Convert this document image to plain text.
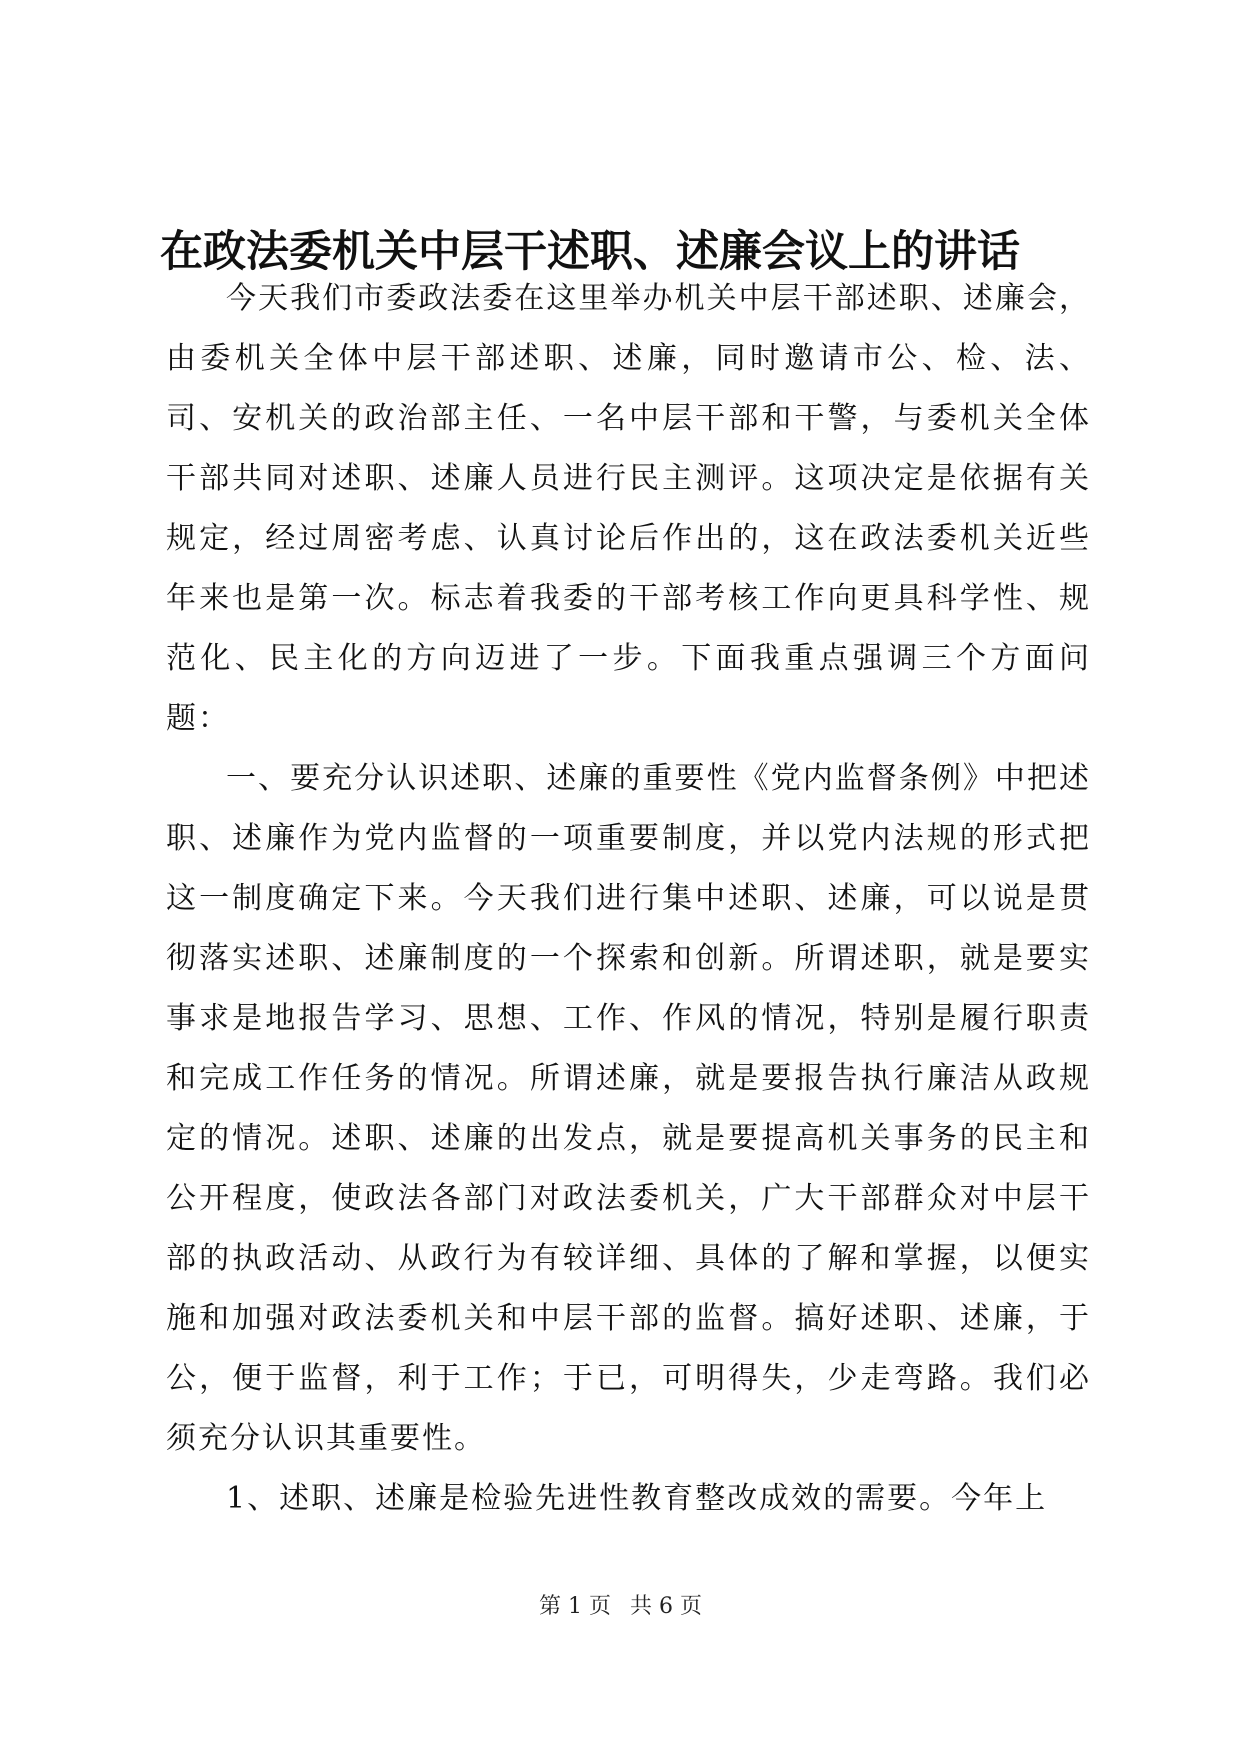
在政法委机关中层干述职、述廉会议上的讲话

今天我们市委政法委在这里举办机关中层干部述职、述廉会，由委机关全体中层干部述职、述廉，同时邀请市公、检、法、司、安机关的政治部主任、一名中层干部和干警，与委机关全体干部共同对述职、述廉人员进行民主测评。这项决定是依据有关规定，经过周密考虑、认真讨论后作出的，这在政法委机关近些年来也是第一次。标志着我委的干部考核工作向更具科学性、规范化、民主化的方向迈进了一步。下面我重点强调三个方面问题：

一、要充分认识述职、述廉的重要性《党内监督条例》中把述职、述廉作为党内监督的一项重要制度，并以党内法规的形式把这一制度确定下来。今天我们进行集中述职、述廉，可以说是贯彻落实述职、述廉制度的一个探索和创新。所谓述职，就是要实事求是地报告学习、思想、工作、作风的情况，特别是履行职责和完成工作任务的情况。所谓述廉，就是要报告执行廉洁从政规定的情况。述职、述廉的出发点，就是要提高机关事务的民主和公开程度，使政法各部门对政法委机关，广大干部群众对中层干部的执政活动、从政行为有较详细、具体的了解和掌握，以便实施和加强对政法委机关和中层干部的监督。搞好述职、述廉，于公，便于监督，利于工作；于已，可明得失，少走弯路。我们必须充分认识其重要性。

1、述职、述廉是检验先进性教育整改成效的需要。今年上

第 1 页 共 6 页
